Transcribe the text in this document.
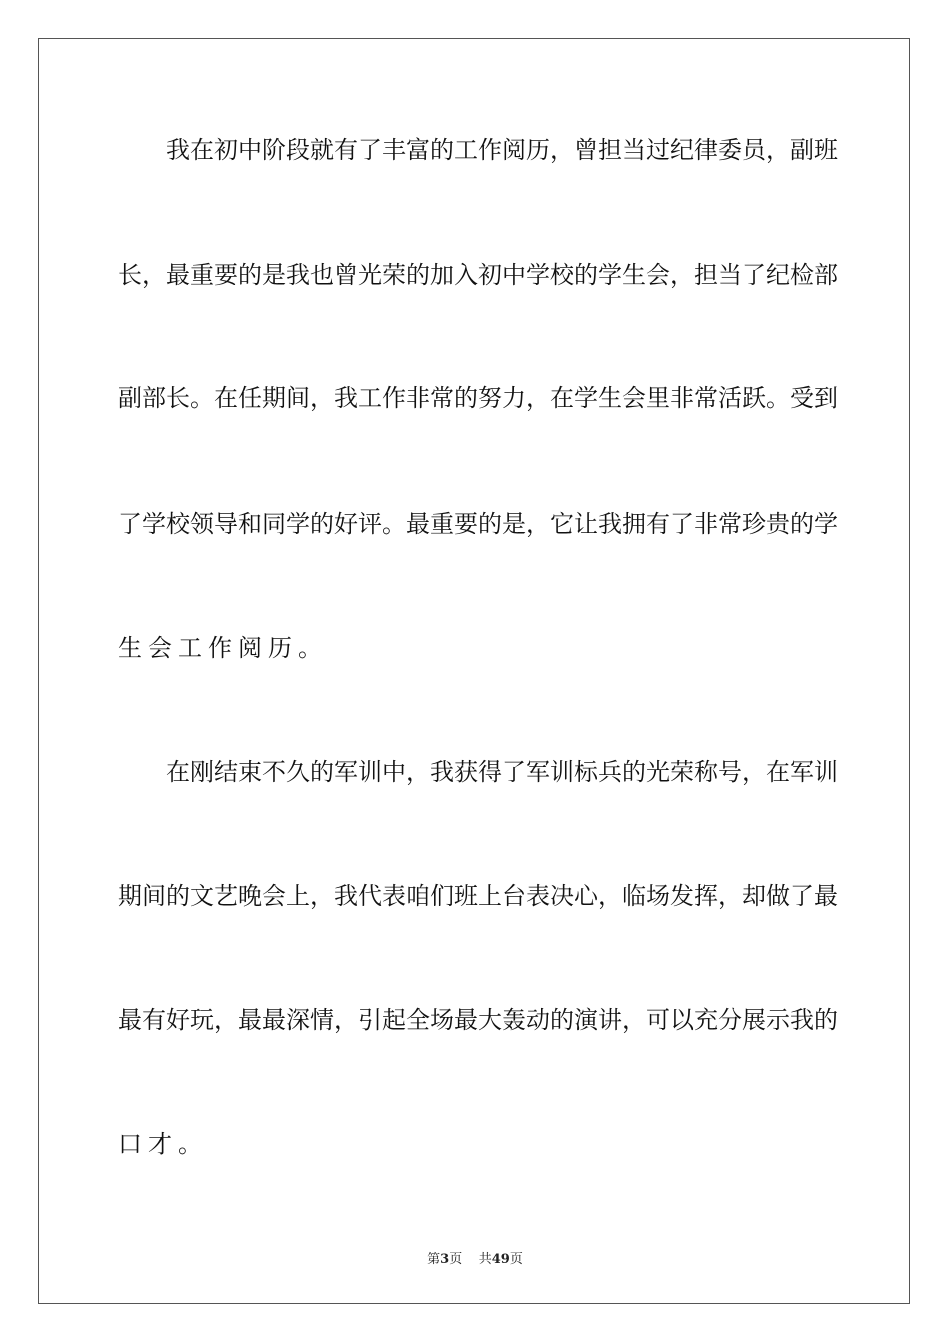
我在初中阶段就有了丰富的工作阅历，曾担当过纪律委员，副班
长，最重要的是我也曾光荣的加入初中学校的学生会，担当了纪检部
副部长。在任期间，我工作非常的努力，在学生会里非常活跃。受到
了学校领导和同学的好评。最重要的是，它让我拥有了非常珍贵的学
生会工作阅历。
在刚结束不久的军训中，我获得了军训标兵的光荣称号，在军训
期间的文艺晚会上，我代表咱们班上台表决心，临场发挥，却做了最
最有好玩，最最深情，引起全场最大轰动的演讲，可以充分展示我的
口才。
第3页 共49页
